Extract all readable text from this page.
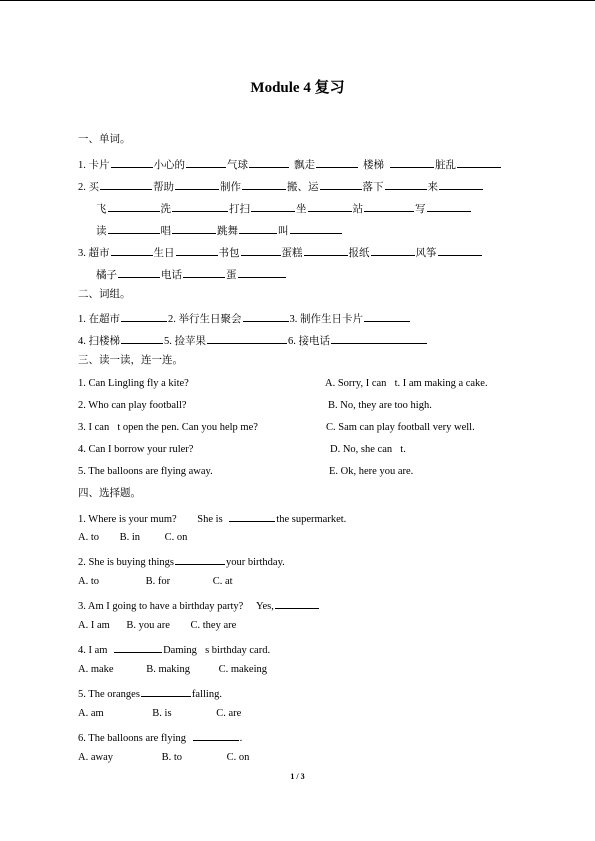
Module 4 复习
一、单词。
1. 卡片	小心的	气球	飘走	楼梯	脏乱
2. 买	帮助	制作	搬、运	落下	来
飞	洗	打扫	坐	站	写
读	唱	跳舞	叫
3. 超市	生日	书包	蛋糕	报纸	风筝
橘子	电话	蛋
二、词组。
1. 在超市	2. 举行生日聚会	3. 制作生日卡片
4. 扫楼梯	5. 捡苹果	6. 接电话
三、读一读，连一连。
1. Can Lingling fly a kite?	A. Sorry, I can t. I am making a cake.
2. Who can play football?	B. No, they are too high.
3. I can t open the pen. Can you help me?	C. Sam can play football very well.
4. Can I borrow your ruler?	D. No, she can t.
5. The balloons are flying away.	E. Ok, here you are.
四、选择题。
1. Where is your mum? She is	the supermarket.
A. to B. in C. on
2. She is buying things	your birthday.
A. to	B. for	C. at
3. Am I going to have a birthday party? Yes,
A. I am B. you are C. they are
4. I am	Daming s birthday card.
A. make	B. making	C. makeing
5. The oranges	falling.
A. am	B. is	C. are
6. The balloons are flying	.
A. away	B. to	C. on
1 / 3
